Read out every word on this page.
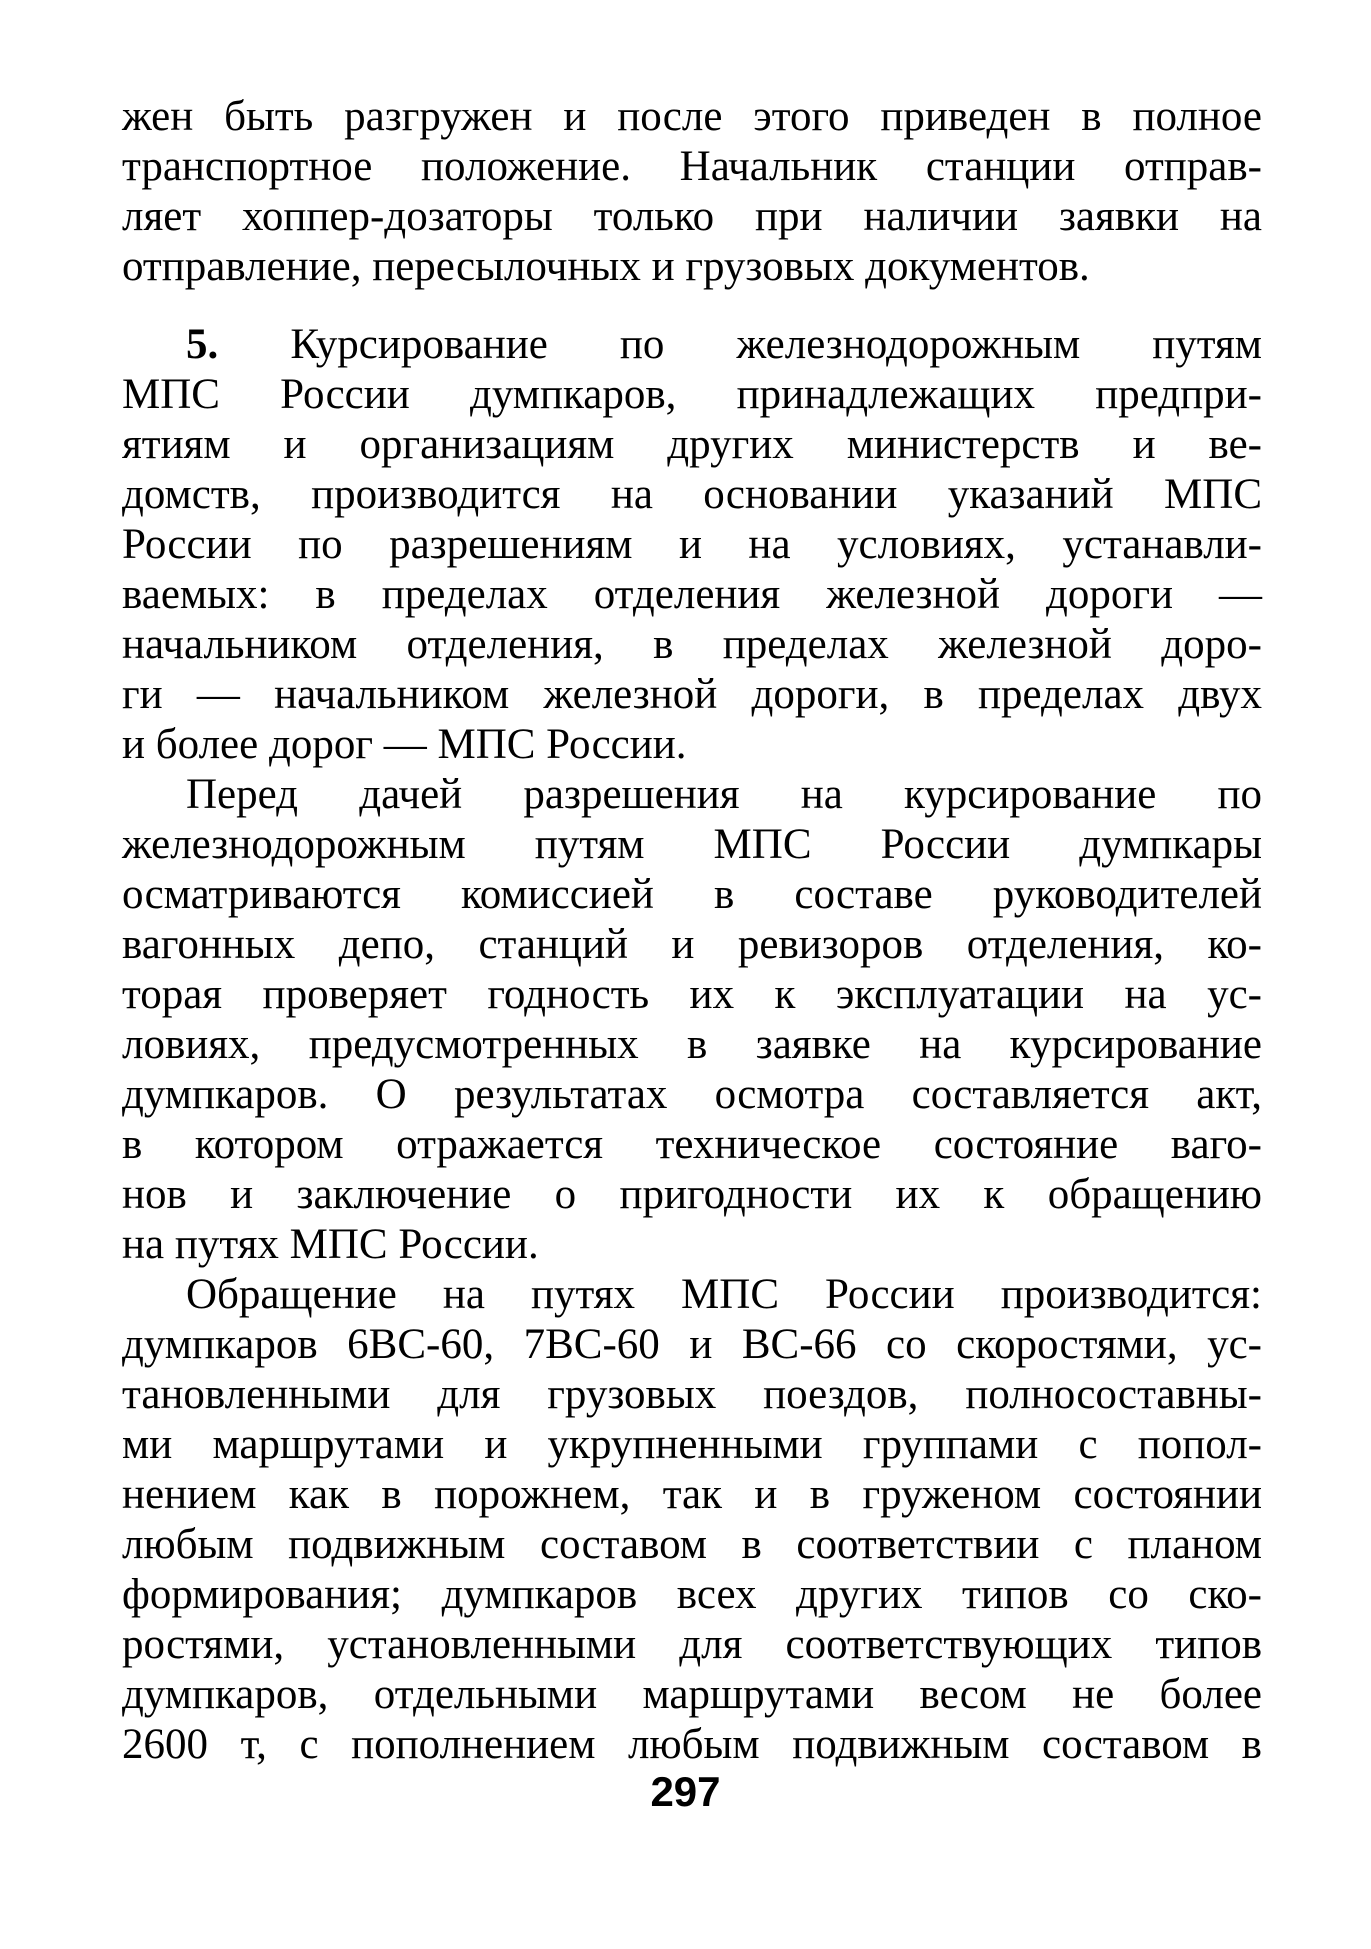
жен быть разгружен и после этого приведен в полное
транспортное положение. Начальник станции отправ-
ляет хоппер-дозаторы только при наличии заявки на
отправление, пересылочных и грузовых документов.
5. Курсирование по железнодорожным путям
МПС России думпкаров, принадлежащих предпри-
ятиям и организациям других министерств и ве-
домств, производится на основании указаний МПС
России по разрешениям и на условиях, устанавли-
ваемых: в пределах отделения железной дороги —
начальником отделения, в пределах железной доро-
ги — начальником железной дороги, в пределах двух
и более дорог — МПС России.
Перед дачей разрешения на курсирование по
железнодорожным путям МПС России думпкары
осматриваются комиссией в составе руководителей
вагонных депо, станций и ревизоров отделения, ко-
торая проверяет годность их к эксплуатации на ус-
ловиях, предусмотренных в заявке на курсирование
думпкаров. О результатах осмотра составляется акт,
в котором отражается техническое состояние ваго-
нов и заключение о пригодности их к обращению
на путях МПС России.
Обращение на путях МПС России производится:
думпкаров 6ВС-60, 7ВС-60 и ВС-66 со скоростями, ус-
тановленными для грузовых поездов, полносоставны-
ми маршрутами и укрупненными группами с попол-
нением как в порожнем, так и в груженом состоянии
любым подвижным составом в соответствии с планом
формирования; думпкаров всех других типов со ско-
ростями, установленными для соответствующих типов
думпкаров, отдельными маршрутами весом не более
2600 т, с пополнением любым подвижным составом в
297
